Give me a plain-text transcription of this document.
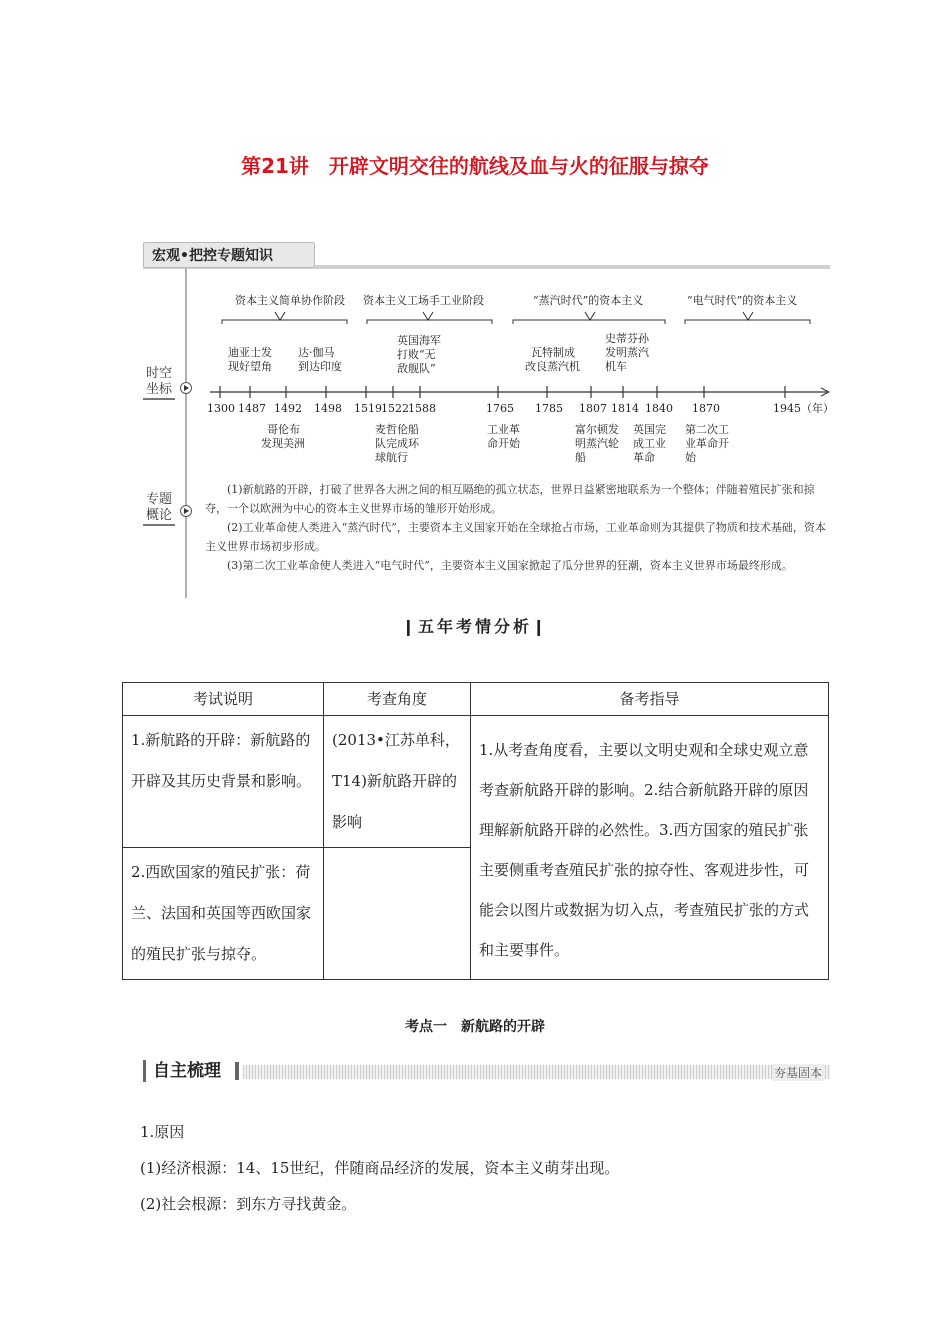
第21讲　开辟文明交往的航线及血与火的征服与掠夺
宏观•把控专题知识
时空
坐标
专题
概论
资本主义简单协作阶段 资本主义工场手工业阶段	“蒸汽时代”的资本主义	“电气时代”的资本主义
1300 1487 1492 1498 1519 1522 1588	1765 1785 1807 1814 1840 1870	1945（年）
迪亚士发
现好望角
达·伽马
到达印度
英国海军
打败“无
敌舰队”
瓦特制成
改良蒸汽机
史蒂芬孙
发明蒸汽
机车
哥伦布
发现美洲
麦哲伦船
队完成环
球航行
工业革
命开始
富尔顿发
明蒸汽轮
船
英国完
成工业
革命
第二次工
业革命开
始
(1)新航路的开辟，打破了世界各大洲之间的相互隔绝的孤立状态，世界日益紧密地联系为一个整体；伴随着殖民扩张和掠夺，一个以欧洲为中心的资本主义世界市场的雏形开始形成。
(2)工业革命使人类进入“蒸汽时代”，主要资本主义国家开始在全球抢占市场，工业革命则为其提供了物质和技术基础，资本主义世界市场初步形成。
(3)第二次工业革命使人类进入“电气时代”，主要资本主义国家掀起了瓜分世界的狂潮，资本主义世界市场最终形成。
❙五年考情分析❙
考试说明	考查角度	备考指导
1.新航路的开辟：新航路的开辟及其历史背景和影响。	(2013•江苏单科，T14)新航路开辟的影响	1.从考查角度看，主要以文明史观和全球史观立意考查新航路开辟的影响。2.结合新航路开辟的原因理解新航路开辟的必然性。3.西方国家的殖民扩张主要侧重考查殖民扩张的掠夺性、客观进步性，可能会以图片或数据为切入点，考查殖民扩张的方式和主要事件。
2.西欧国家的殖民扩张：荷兰、法国和英国等西欧国家的殖民扩张与掠夺。		
考点一　新航路的开辟
自主梳理	夯基固本
1.原因
(1)经济根源：14、15世纪，伴随商品经济的发展，资本主义萌芽出现。
(2)社会根源：到东方寻找黄金。
